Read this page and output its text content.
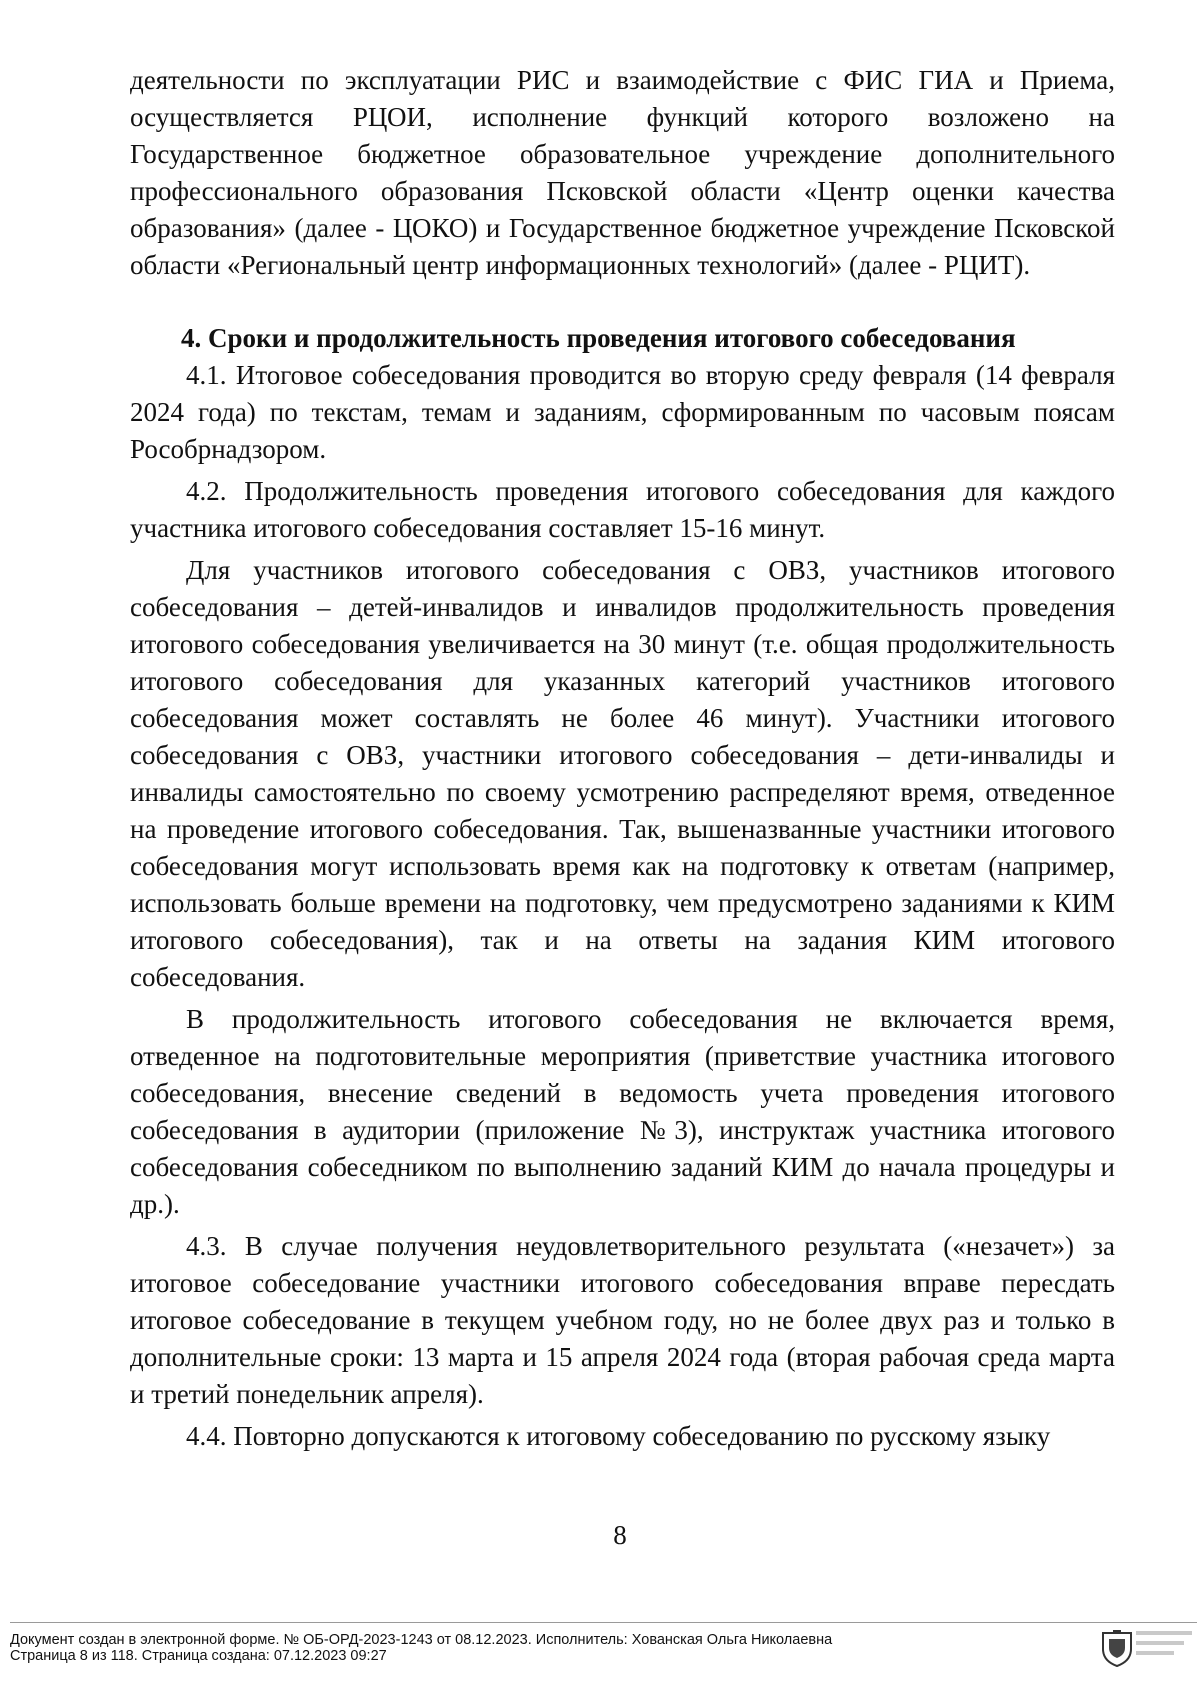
деятельности по эксплуатации РИС и взаимодействие с ФИС ГИА и Приема, осуществляется РЦОИ, исполнение функций которого возложено на Государственное бюджетное образовательное учреждение дополнительного профессионального образования Псковской области «Центр оценки качества образования» (далее - ЦОКО) и Государственное бюджетное учреждение Псковской области «Региональный центр информационных технологий» (далее - РЦИТ).

4. Сроки и продолжительность проведения итогового собеседования

4.1. Итоговое собеседования проводится во вторую среду февраля (14 февраля 2024 года) по текстам, темам и заданиям, сформированным по часовым поясам Рособрнадзором.

4.2. Продолжительность проведения итогового собеседования для каждого участника итогового собеседования составляет 15-16 минут.

Для участников итогового собеседования с ОВЗ, участников итогового собеседования – детей-инвалидов и инвалидов продолжительность проведения итогового собеседования увеличивается на 30 минут (т.е. общая продолжительность итогового собеседования для указанных категорий участников итогового собеседования может составлять не более 46 минут). Участники итогового собеседования с ОВЗ, участники итогового собеседования – дети-инвалиды и инвалиды самостоятельно по своему усмотрению распределяют время, отведенное на проведение итогового собеседования. Так, вышеназванные участники итогового собеседования могут использовать время как на подготовку к ответам (например, использовать больше времени на подготовку, чем предусмотрено заданиями к КИМ итогового собеседования), так и на ответы на задания КИМ итогового собеседования.

В продолжительность итогового собеседования не включается время, отведенное на подготовительные мероприятия (приветствие участника итогового собеседования, внесение сведений в ведомость учета проведения итогового собеседования в аудитории (приложение №3), инструктаж участника итогового собеседования собеседником по выполнению заданий КИМ до начала процедуры и др.).

4.3. В случае получения неудовлетворительного результата («незачет») за итоговое собеседование участники итогового собеседования вправе пересдать итоговое собеседование в текущем учебном году, но не более двух раз и только в дополнительные сроки: 13 марта и 15 апреля 2024 года (вторая рабочая среда марта и третий понедельник апреля).

4.4. Повторно допускаются к итоговому собеседованию по русскому языку

8
Документ создан в электронной форме. № ОБ-ОРД-2023-1243 от 08.12.2023. Исполнитель: Хованская Ольга Николаевна
Страница 8 из 118. Страница создана: 07.12.2023 09:27
